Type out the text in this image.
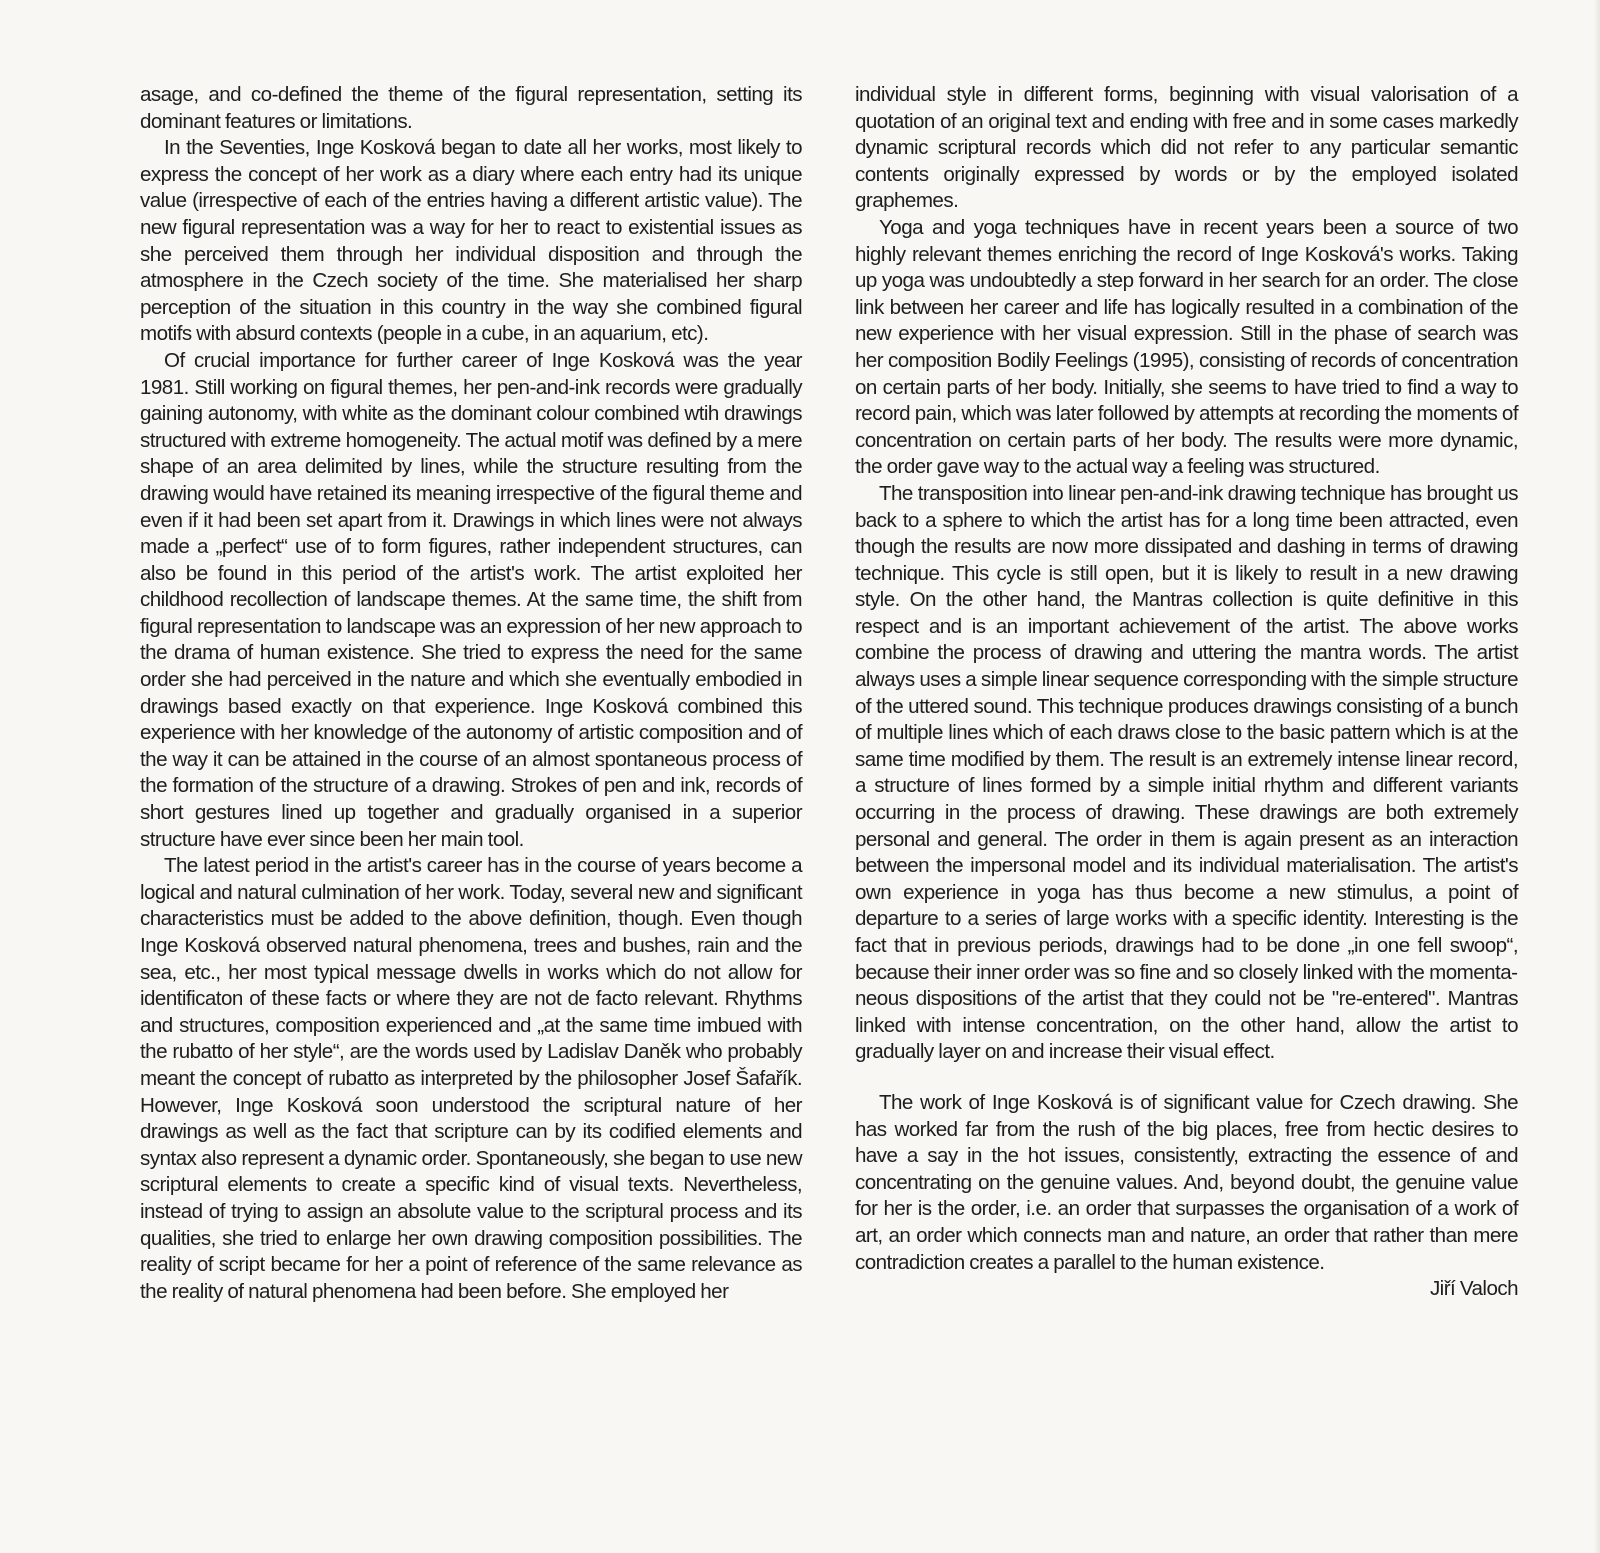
asage, and co-defined the theme of the figural representation, setting its dominant features or limitations.

In the Seventies, Inge Kosková began to date all her works, most likely to express the concept of her work as a diary where each entry had its unique value (irrespective of each of the entries having a different artistic value). The new figural representation was a way for her to react to existential issues as she perceived them through her individual disposition and through the atmosphere in the Czech society of the time. She materialised her sharp perception of the situation in this country in the way she combined figural motifs with absurd contexts (people in a cube, in an aquarium, etc).

Of crucial importance for further career of Inge Kosková was the year 1981. Still working on figural themes, her pen-and-ink records were gradually gaining autonomy, with white as the dominant colour combined wtih drawings structured with extreme homogeneity. The actual motif was defined by a mere shape of an area delimited by lines, while the structure resulting from the drawing would have retained its meaning irrespective of the figural theme and even if it had been set apart from it. Drawings in which lines were not always made a „perfect“ use of to form figures, rather independent structures, can also be found in this period of the artist's work. The artist exploited her childhood recollection of landscape themes. At the same time, the shift from figural representation to landscape was an expression of her new approach to the drama of human existence. She tried to express the need for the same order she had perceived in the nature and which she eventually embodied in drawings based exactly on that experience. Inge Kosková combined this experience with her knowledge of the autonomy of artistic composition and of the way it can be attained in the course of an almost spontaneous process of the formation of the structure of a drawing. Strokes of pen and ink, records of short gestures lined up together and gradually organised in a superior structure have ever since been her main tool.

The latest period in the artist's career has in the course of years become a logical and natural culmination of her work. Today, several new and significant characteristics must be added to the above definition, though. Even though Inge Kosková observed natural phenomena, trees and bushes, rain and the sea, etc., her most typical message dwells in works which do not allow for identificaton of these facts or where they are not de facto relevant. Rhythms and structures, composition experienced and „at the same time imbued with the rubatto of her style“, are the words used by Ladislav Daněk who probably meant the concept of rubatto as interpreted by the philosopher Josef Šafařík. However, Inge Kosková soon understood the scriptural nature of her drawings as well as the fact that scripture can by its codified elements and syntax also represent a dynamic order. Spontaneously, she began to use new scriptural elements to create a specific kind of visual texts. Nevertheless, instead of trying to assign an absolute value to the scriptural process and its qualities, she tried to enlarge her own drawing composition possibilities. The reality of script became for her a point of reference of the same relevance as the reality of natural phenomena had been before. She employed her

individual style in different forms, beginning with visual valorisation of a quotation of an original text and ending with free and in some cases markedly dynamic scriptural records which did not refer to any particular semantic contents originally expressed by words or by the employed isolated graphemes.

Yoga and yoga techniques have in recent years been a source of two highly relevant themes enriching the record of Inge Kosková's works. Taking up yoga was undoubtedly a step forward in her search for an order. The close link between her career and life has logically resulted in a combination of the new experience with her visual expression. Still in the phase of search was her composition Bodily Feelings (1995), consisting of records of concentration on certain parts of her body. Initially, she seems to have tried to find a way to record pain, which was later followed by attempts at recording the moments of concentration on certain parts of her body. The results were more dynamic, the order gave way to the actual way a feeling was structured.

The transposition into linear pen-and-ink drawing technique has brought us back to a sphere to which the artist has for a long time been attracted, even though the results are now more dissipated and dashing in terms of drawing technique. This cycle is still open, but it is likely to result in a new drawing style. On the other hand, the Mantras collection is quite definitive in this respect and is an important achievement of the artist. The above works combine the process of drawing and uttering the mantra words. The artist always uses a simple linear sequence corresponding with the simple structure of the uttered sound. This technique produces drawings consisting of a bunch of multiple lines which of each draws close to the basic pattern which is at the same time modified by them. The result is an extremely intense linear record, a structure of lines formed by a simple initial rhythm and different variants occurring in the process of drawing. These drawings are both extremely personal and general. The order in them is again present as an interaction between the impersonal model and its individual materialisation. The artist's own experience in yoga has thus become a new stimulus, a point of departure to a series of large works with a specific identity. Interesting is the fact that in previous periods, drawings had to be done „in one fell swoop“, because their inner order was so fine and so closely linked with the momentaneous dispositions of the artist that they could not be "re-entered". Mantras linked with intense concentration, on the other hand, allow the artist to gradually layer on and increase their visual effect.

The work of Inge Kosková is of significant value for Czech drawing. She has worked far from the rush of the big places, free from hectic desires to have a say in the hot issues, consistently, extracting the essence of and concentrating on the genuine values. And, beyond doubt, the genuine value for her is the order, i.e. an order that surpasses the organisation of a work of art, an order which connects man and nature, an order that rather than mere contradiction creates a parallel to the human existence.

Jiří Valoch
